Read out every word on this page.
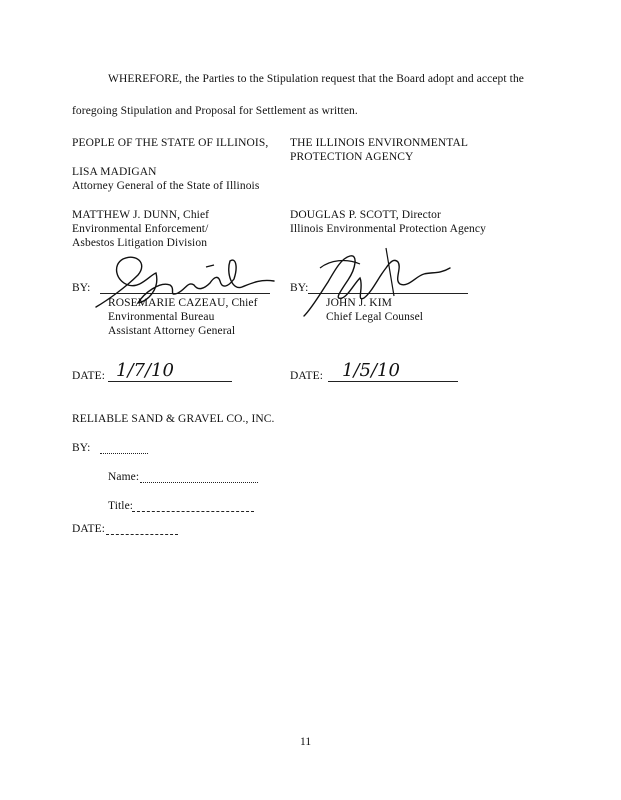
WHEREFORE, the Parties to the Stipulation request that the Board adopt and accept the
foregoing Stipulation and Proposal for Settlement as written.
PEOPLE OF THE STATE OF ILLINOIS,
LISA MADIGAN
Attorney General of the State of Illinois
MATTHEW J. DUNN, Chief
Environmental Enforcement/
Asbestos Litigation Division
THE ILLINOIS ENVIRONMENTAL
PROTECTION AGENCY
DOUGLAS P. SCOTT, Director
Illinois Environmental Protection Agency
BY:
ROSEMARIE CAZEAU, Chief
Environmental Bureau
Assistant Attorney General
BY:
JOHN J. KIM
Chief Legal Counsel
DATE: 1/7/10	DATE: 1/5/10
RELIABLE SAND & GRAVEL CO., INC.
BY:
Name:
Title:
DATE:
11
